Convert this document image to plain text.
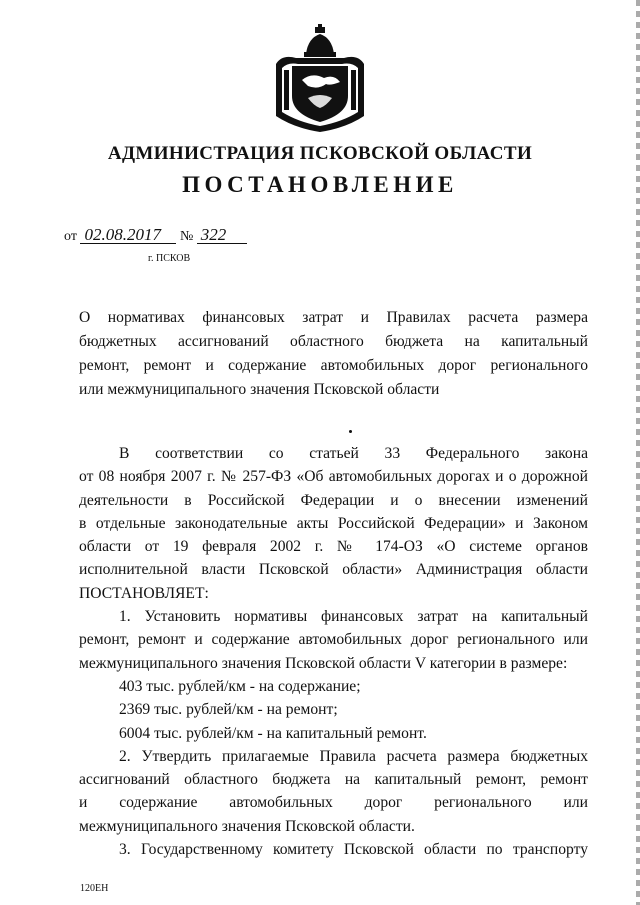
АДМИНИСТРАЦИЯ ПСКОВСКОЙ ОБЛАСТИ
ПОСТАНОВЛЕНИЕ
от 02.08.2017 № 322
г. ПСКОВ
О нормативах финансовых затрат и Правилах расчета размера
бюджетных ассигнований областного бюджета на капитальный
ремонт, ремонт и содержание автомобильных дорог регионального
или межмуниципального значения Псковской области
В соответствии со статьей 33 Федерального закона
от 08 ноября 2007 г. № 257-ФЗ «Об автомобильных дорогах и о дорожной
деятельности в Российской Федерации и о внесении изменений
в отдельные законодательные акты Российской Федерации» и Законом
области от 19 февраля 2002 г. № 174-ОЗ «О системе органов
исполнительной власти Псковской области» Администрация области
ПОСТАНОВЛЯЕТ:
1. Установить нормативы финансовых затрат на капитальный
ремонт, ремонт и содержание автомобильных дорог регионального или
межмуниципального значения Псковской области V категории в размере:
403 тыс. рублей/км - на содержание;
2369 тыс. рублей/км - на ремонт;
6004 тыс. рублей/км - на капитальный ремонт.
2. Утвердить прилагаемые Правила расчета размера бюджетных
ассигнований областного бюджета на капитальный ремонт, ремонт
и содержание автомобильных дорог регионального или
межмуниципального значения Псковской области.
3. Государственному комитету Псковской области по транспорту
120ЕН
